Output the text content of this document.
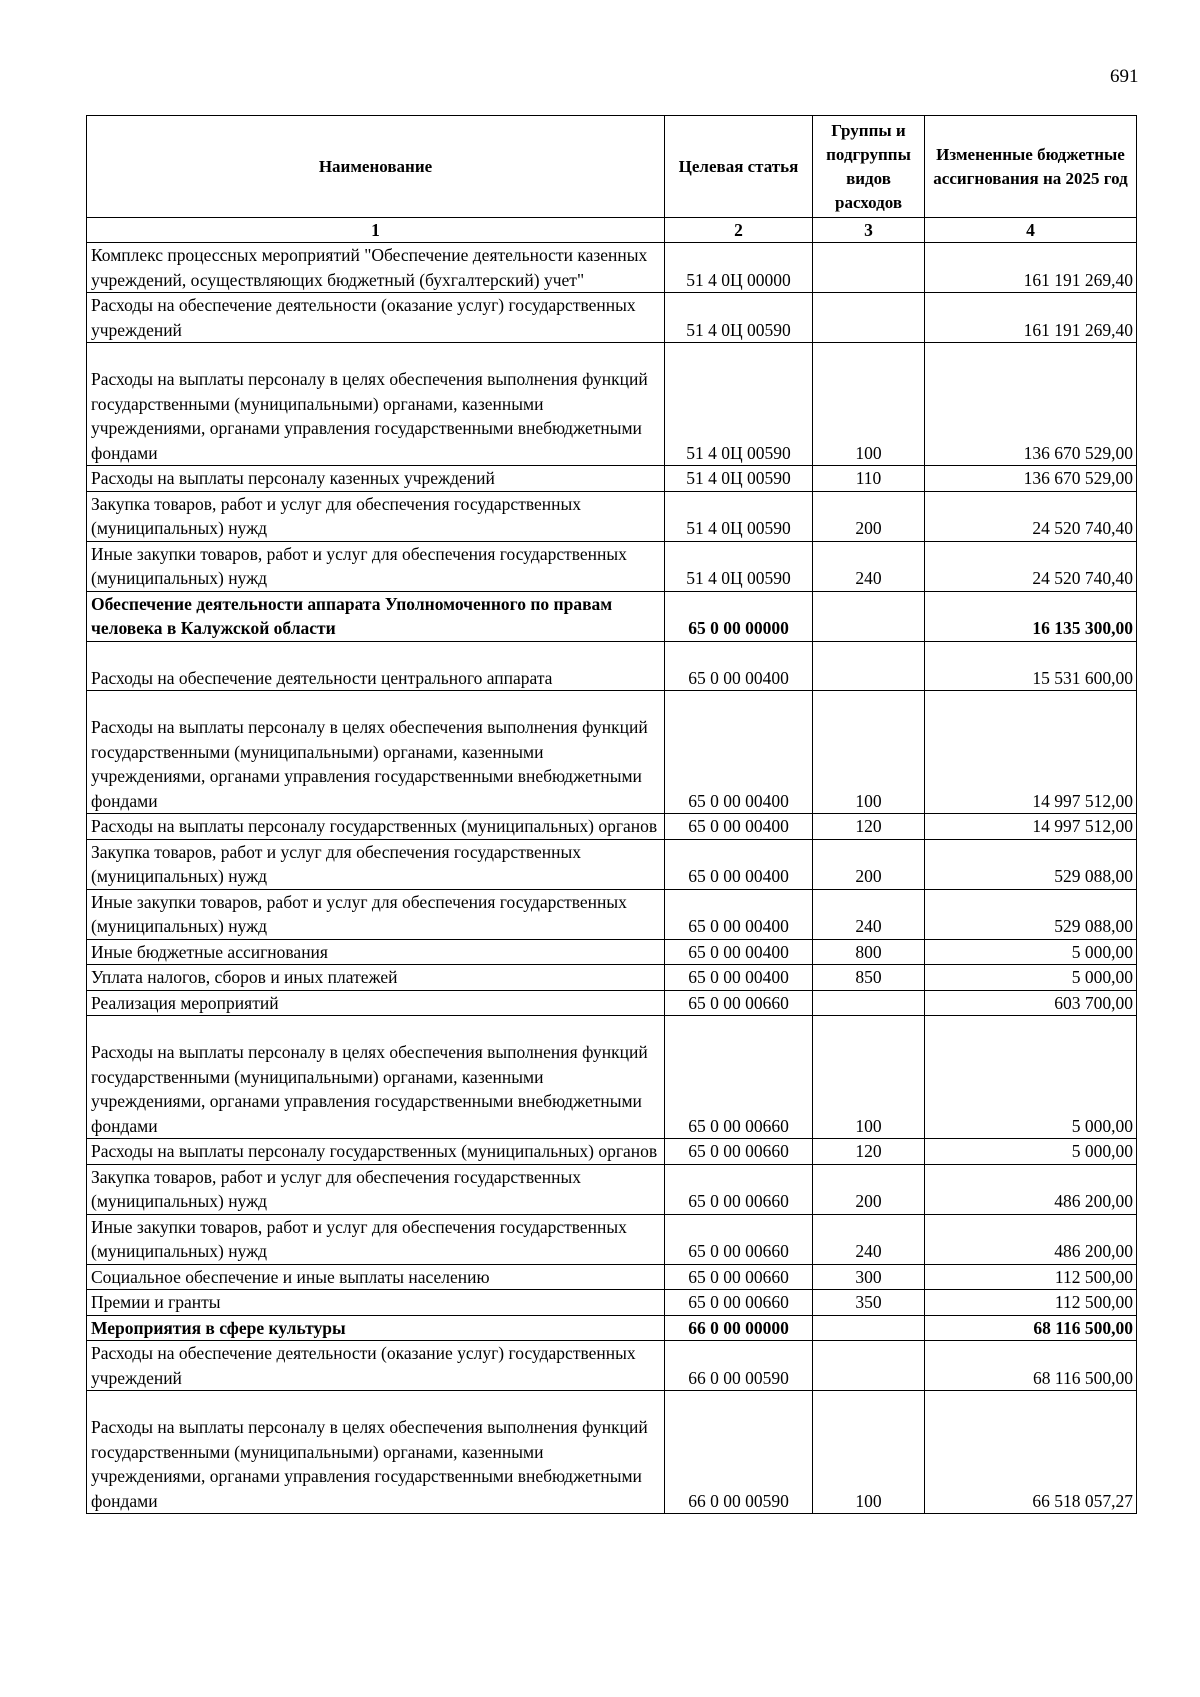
691
Наименование	Целевая статья	Группы и подгруппы видов расходов	Измененные бюджетные ассигнования на 2025 год
1	2	3	4
Комплекс процессных мероприятий "Обеспечение деятельности казенных учреждений, осуществляющих бюджетный (бухгалтерский) учет"	51 4 0Ц 00000		161 191 269,40
Расходы на обеспечение деятельности (оказание услуг) государственных учреждений	51 4 0Ц 00590		161 191 269,40
Расходы на выплаты персоналу в целях обеспечения выполнения функций государственными (муниципальными) органами, казенными учреждениями, органами управления государственными внебюджетными фондами	51 4 0Ц 00590	100	136 670 529,00
Расходы на выплаты персоналу казенных учреждений	51 4 0Ц 00590	110	136 670 529,00
Закупка товаров, работ и услуг для обеспечения государственных (муниципальных) нужд	51 4 0Ц 00590	200	24 520 740,40
Иные закупки товаров, работ и услуг для обеспечения государственных (муниципальных) нужд	51 4 0Ц 00590	240	24 520 740,40
Обеспечение деятельности аппарата Уполномоченного по правам человека в Калужской области	65 0 00 00000		16 135 300,00
Расходы на обеспечение деятельности центрального аппарата	65 0 00 00400		15 531 600,00
Расходы на выплаты персоналу в целях обеспечения выполнения функций государственными (муниципальными) органами, казенными учреждениями, органами управления государственными внебюджетными фондами	65 0 00 00400	100	14 997 512,00
Расходы на выплаты персоналу государственных (муниципальных) органов	65 0 00 00400	120	14 997 512,00
Закупка товаров, работ и услуг для обеспечения государственных (муниципальных) нужд	65 0 00 00400	200	529 088,00
Иные закупки товаров, работ и услуг для обеспечения государственных (муниципальных) нужд	65 0 00 00400	240	529 088,00
Иные бюджетные ассигнования	65 0 00 00400	800	5 000,00
Уплата налогов, сборов и иных платежей	65 0 00 00400	850	5 000,00
Реализация мероприятий	65 0 00 00660		603 700,00
Расходы на выплаты персоналу в целях обеспечения выполнения функций государственными (муниципальными) органами, казенными учреждениями, органами управления государственными внебюджетными фондами	65 0 00 00660	100	5 000,00
Расходы на выплаты персоналу государственных (муниципальных) органов	65 0 00 00660	120	5 000,00
Закупка товаров, работ и услуг для обеспечения государственных (муниципальных) нужд	65 0 00 00660	200	486 200,00
Иные закупки товаров, работ и услуг для обеспечения государственных (муниципальных) нужд	65 0 00 00660	240	486 200,00
Социальное обеспечение и иные выплаты населению	65 0 00 00660	300	112 500,00
Премии и гранты	65 0 00 00660	350	112 500,00
Мероприятия в сфере культуры	66 0 00 00000		68 116 500,00
Расходы на обеспечение деятельности (оказание услуг) государственных учреждений	66 0 00 00590		68 116 500,00
Расходы на выплаты персоналу в целях обеспечения выполнения функций государственными (муниципальными) органами, казенными учреждениями, органами управления государственными внебюджетными фондами	66 0 00 00590	100	66 518 057,27
